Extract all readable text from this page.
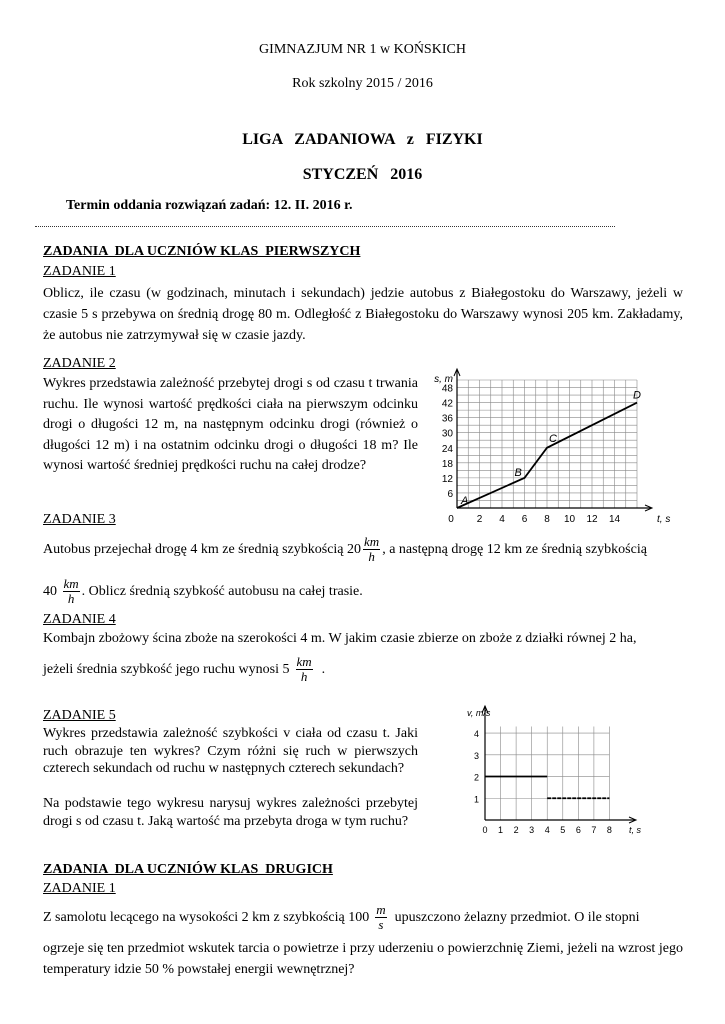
GIMNAZJUM NR 1 w KOŃSKICH
Rok szkolny 2015 / 2016
LIGA   ZADANIOWA   z   FIZYKI
STYCZEŃ   2016
Termin oddania rozwiązań zadań: 12. II. 2016 r.
ZADANIA  DLA UCZNIÓW KLAS  PIERWSZYCH
ZADANIE 1
Oblicz, ile czasu (w godzinach, minutach i sekundach) jedzie autobus z Białegostoku do Warszawy, jeżeli w czasie 5 s przebywa on średnią drogę 80 m. Odległość z Białegostoku do Warszawy wynosi 205 km. Zakładamy, że autobus nie zatrzymywał się w czasie jazdy.
ZADANIE 2
Wykres przedstawia zależność przebytej drogi s od czasu t trwania ruchu. Ile wynosi wartość prędkości ciała na pierwszym odcinku drogi o długości 12 m, na następnym odcinku drogi (również o długości 12 m) i na ostatnim odcinku drogi o długości 18 m? Ile wynosi wartość średniej prędkości ruchu na całej drodze?
6
12
18
24
30
36
42
48
2 4 6 8 10 12 14
0
s, m
t, s
A
B
C
D
ZADANIE 3
Autobus przejechał drogę 4 km ze średnią szybkością $20 \frac{km}{h}$ , a następną drogę 12 km ze średnią szybkością
$40 \frac{km}{h}$ . Oblicz średnią szybkość autobusu na całej trasie.
ZADANIE 4
Kombajn zbożowy ścina zboże na szerokości 4 m. W jakim czasie zbierze on zboże z działki równej 2 ha,
jeżeli średnia szybkość jego ruchu wynosi $5 \frac{km}{h}$ .
ZADANIE 5
Wykres przedstawia zależność szybkości v ciała od czasu t. Jaki ruch obrazuje ten wykres? Czym różni się ruch w pierwszych czterech sekundach od ruchu w następnych czterech sekundach?
Na podstawie tego wykresu narysuj wykres zależności przebytej drogi s od czasu t. Jaką wartość ma przebyta droga w tym ruchu?
1
2
3
4
0 1 2 3 4 5 6 7 8
v, m/s
t, s
ZADANIA  DLA UCZNIÓW KLAS  DRUGICH
ZADANIE 1
Z samolotu lecącego na wysokości 2 km z szybkością $100 \frac{m}{s}$ upuszczono żelazny przedmiot. O ile stopni
ogrzeje się ten przedmiot wskutek tarcia o powietrze i przy uderzeniu o powierzchnię Ziemi, jeżeli na wzrost jego temperatury idzie 50 % powstałej energii wewnętrznej?
